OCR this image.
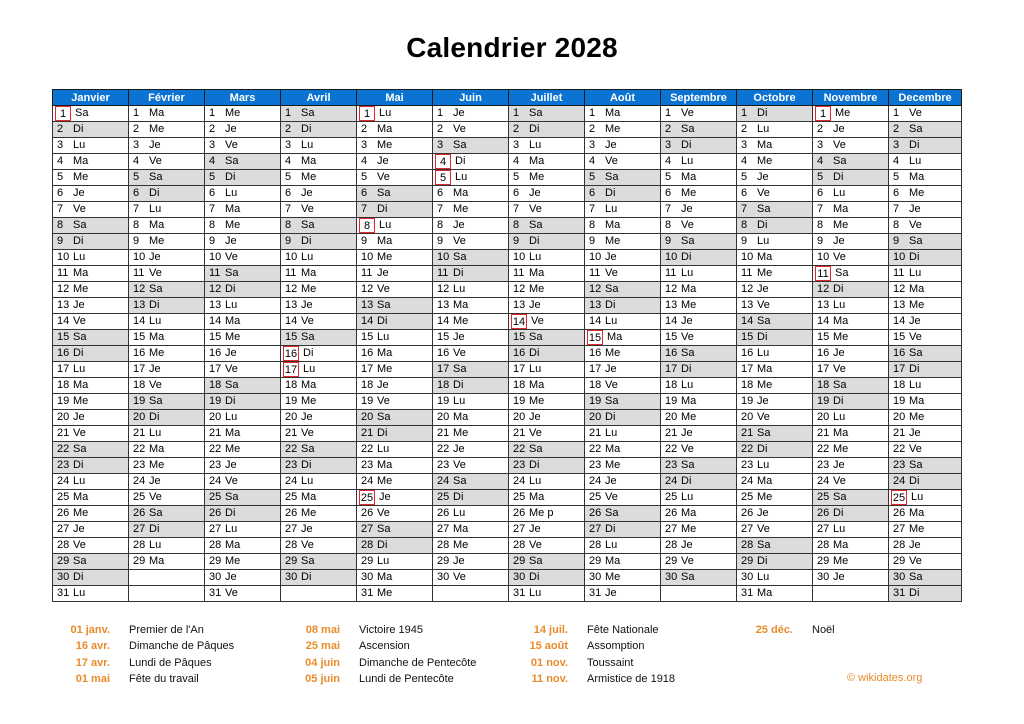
Calendrier 2028
Janvier	Février	Mars	Avril	Mai	Juin	Juillet	Août	Septembre	Octobre	Novembre	Decembre

1 Sa	1 Ma	1 Me	1 Sa	1 Lu	1 Je	1 Sa	1 Ma	1 Ve	1 Di	1 Me	1 Ve

2 Di	2 Me	2 Je	2 Di	2 Ma	2 Ve	2 Di	2 Me	2 Sa	2 Lu	2 Je	2 Sa

3 Lu	3 Je	3 Ve	3 Lu	3 Me	3 Sa	3 Lu	3 Je	3 Di	3 Ma	3 Ve	3 Di

4 Ma	4 Ve	4 Sa	4 Ma	4 Je	4 Di	4 Ma	4 Ve	4 Lu	4 Me	4 Sa	4 Lu

5 Me	5 Sa	5 Di	5 Me	5 Ve	5 Lu	5 Me	5 Sa	5 Ma	5 Je	5 Di	5 Ma

6 Je	6 Di	6 Lu	6 Je	6 Sa	6 Ma	6 Je	6 Di	6 Me	6 Ve	6 Lu	6 Me

7 Ve	7 Lu	7 Ma	7 Ve	7 Di	7 Me	7 Ve	7 Lu	7 Je	7 Sa	7 Ma	7 Je

8 Sa	8 Ma	8 Me	8 Sa	8 Lu	8 Je	8 Sa	8 Ma	8 Ve	8 Di	8 Me	8 Ve

9 Di	9 Me	9 Je	9 Di	9 Ma	9 Ve	9 Di	9 Me	9 Sa	9 Lu	9 Je	9 Sa

10 Lu	10 Je	10 Ve	10 Lu	10 Me	10 Sa	10 Lu	10 Je	10 Di	10 Ma	10 Ve	10 Di

11 Ma	11 Ve	11 Sa	11 Ma	11 Je	11 Di	11 Ma	11 Ve	11 Lu	11 Me	11 Sa	11 Lu

12 Me	12 Sa	12 Di	12 Me	12 Ve	12 Lu	12 Me	12 Sa	12 Ma	12 Je	12 Di	12 Ma

13 Je	13 Di	13 Lu	13 Je	13 Sa	13 Ma	13 Je	13 Di	13 Me	13 Ve	13 Lu	13 Me

14 Ve	14 Lu	14 Ma	14 Ve	14 Di	14 Me	14 Ve	14 Lu	14 Je	14 Sa	14 Ma	14 Je

15 Sa	15 Ma	15 Me	15 Sa	15 Lu	15 Je	15 Sa	15 Ma	15 Ve	15 Di	15 Me	15 Ve

16 Di	16 Me	16 Je	16 Di	16 Ma	16 Ve	16 Di	16 Me	16 Sa	16 Lu	16 Je	16 Sa

17 Lu	17 Je	17 Ve	17 Lu	17 Me	17 Sa	17 Lu	17 Je	17 Di	17 Ma	17 Ve	17 Di

18 Ma	18 Ve	18 Sa	18 Ma	18 Je	18 Di	18 Ma	18 Ve	18 Lu	18 Me	18 Sa	18 Lu

19 Me	19 Sa	19 Di	19 Me	19 Ve	19 Lu	19 Me	19 Sa	19 Ma	19 Je	19 Di	19 Ma

20 Je	20 Di	20 Lu	20 Je	20 Sa	20 Ma	20 Je	20 Di	20 Me	20 Ve	20 Lu	20 Me

21 Ve	21 Lu	21 Ma	21 Ve	21 Di	21 Me	21 Ve	21 Lu	21 Je	21 Sa	21 Ma	21 Je

22 Sa	22 Ma	22 Me	22 Sa	22 Lu	22 Je	22 Sa	22 Ma	22 Ve	22 Di	22 Me	22 Ve

23 Di	23 Me	23 Je	23 Di	23 Ma	23 Ve	23 Di	23 Me	23 Sa	23 Lu	23 Je	23 Sa

24 Lu	24 Je	24 Ve	24 Lu	24 Me	24 Sa	24 Lu	24 Je	24 Di	24 Ma	24 Ve	24 Di

25 Ma	25 Ve	25 Sa	25 Ma	25 Je	25 Di	25 Ma	25 Ve	25 Lu	25 Me	25 Sa	25 Lu

26 Me	26 Sa	26 Di	26 Me	26 Ve	26 Lu	26 Me p	26 Sa	26 Ma	26 Je	26 Di	26 Ma

27 Je	27 Di	27 Lu	27 Je	27 Sa	27 Ma	27 Je	27 Di	27 Me	27 Ve	27 Lu	27 Me

28 Ve	28 Lu	28 Ma	28 Ve	28 Di	28 Me	28 Ve	28 Lu	28 Je	28 Sa	28 Ma	28 Je

29 Sa	29 Ma	29 Me	29 Sa	29 Lu	29 Je	29 Sa	29 Ma	29 Ve	29 Di	29 Me	29 Ve

30 Di		30 Je	30 Di	30 Ma	30 Ve	30 Di	30 Me	30 Sa	30 Lu	30 Je	30 Sa

31 Lu		31 Ve		31 Me		31 Lu	31 Je		31 Ma		31 Di
01 janv. Premier de l'An
16 avr. Dimanche de Pâques
17 avr. Lundi de Pâques
01 mai Fête du travail
08 mai Victoire 1945
25 mai Ascension
04 juin Dimanche de Pentecôte
05 juin Lundi de Pentecôte
14 juil. Fête Nationale
15 août Assomption
01 nov. Toussaint
11 nov. Armistice de 1918
25 déc. Noël
© wikidates.org
